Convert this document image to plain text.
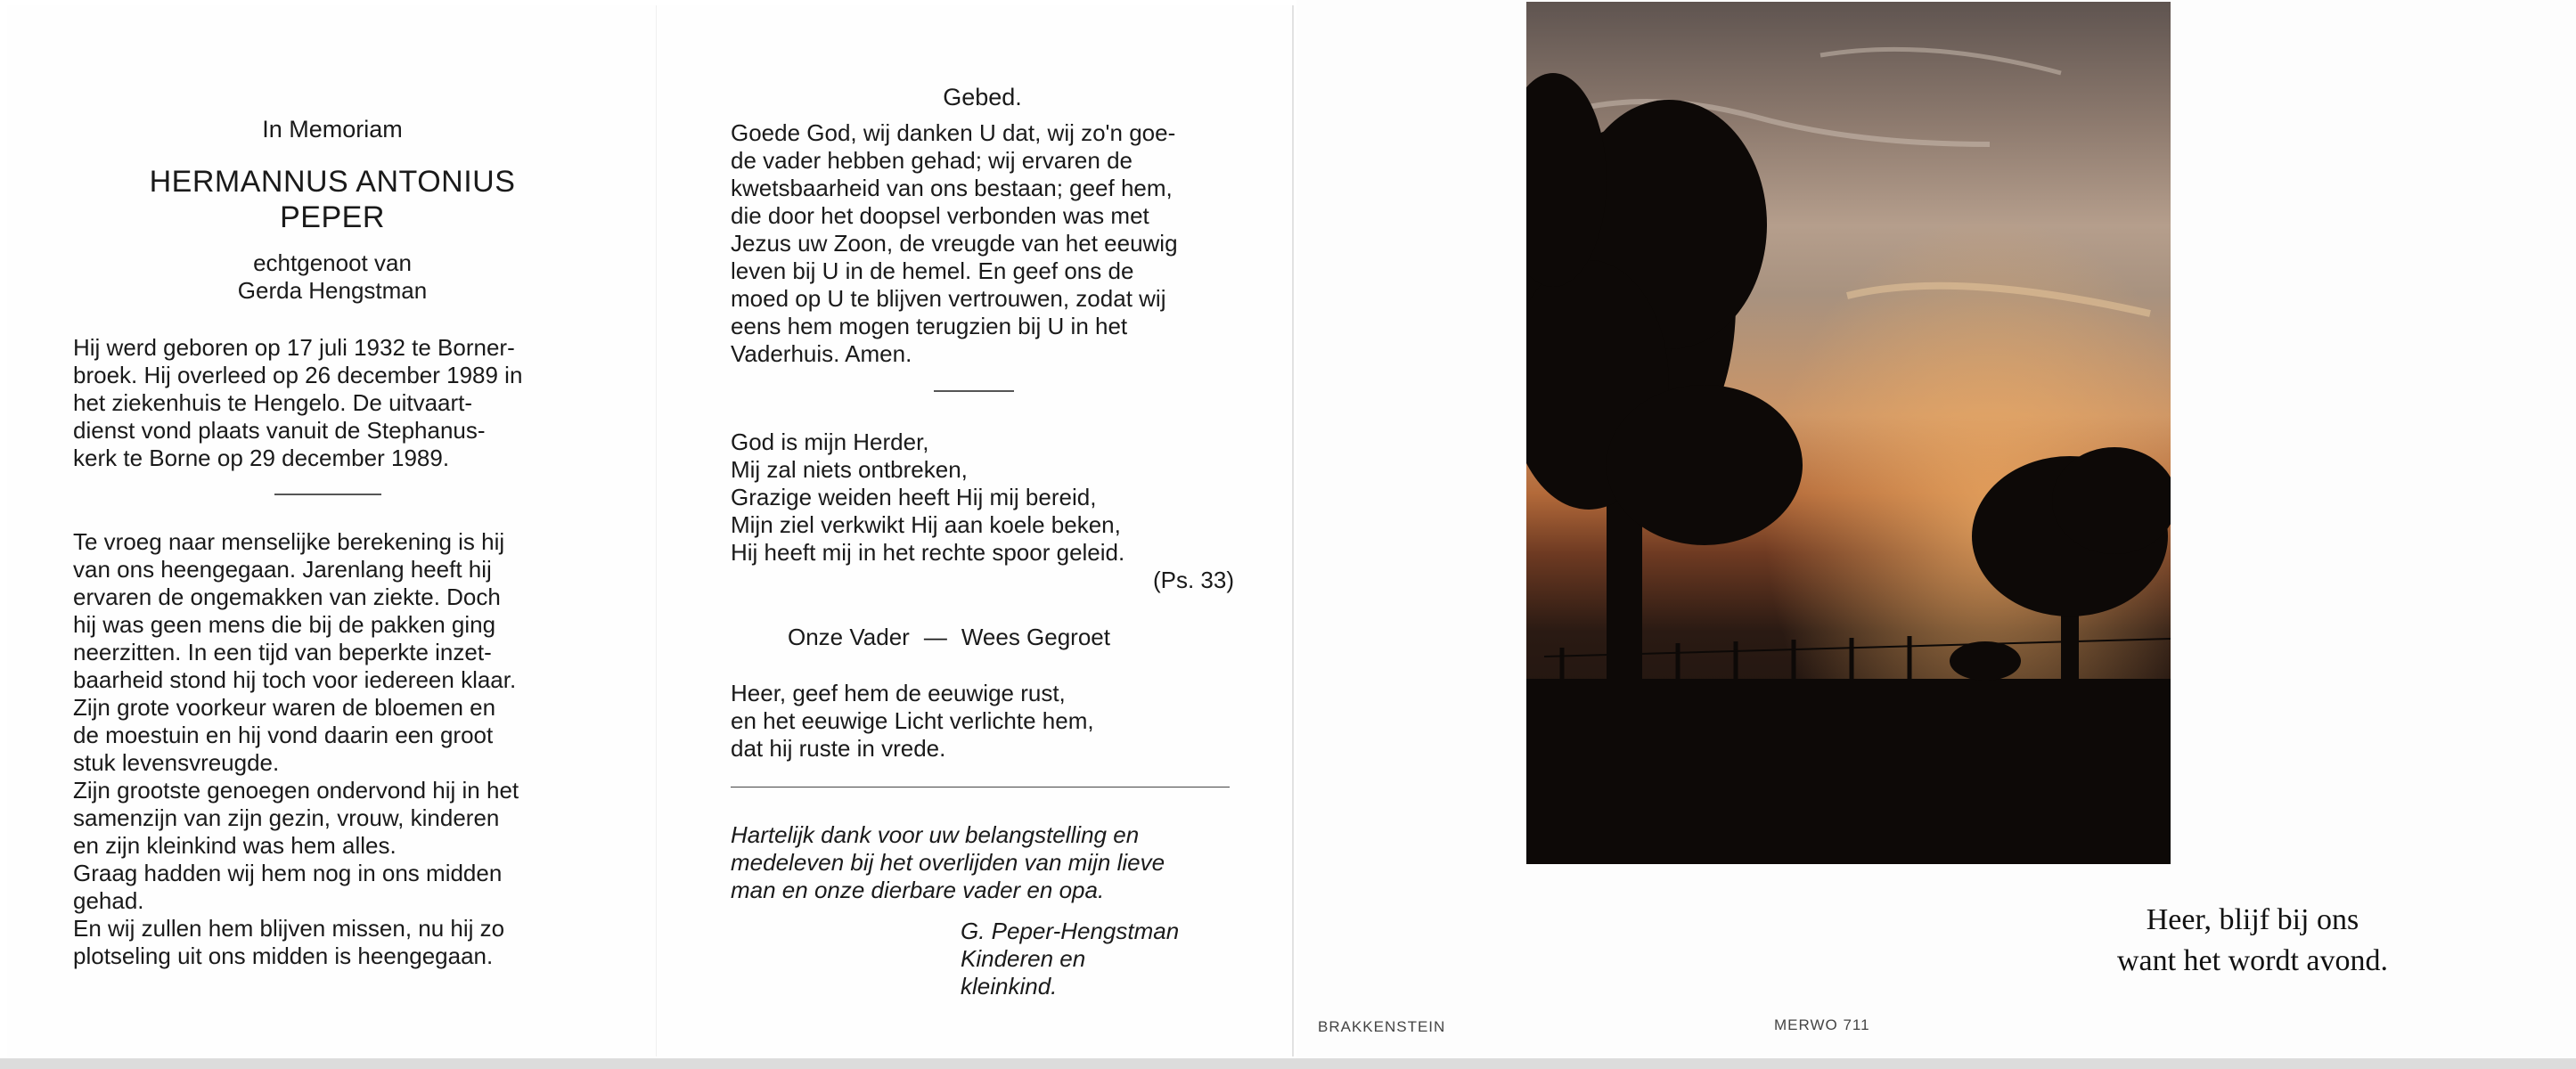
In Memoriam
HERMANNUS ANTONIUS
PEPER
echtgenoot van
Gerda Hengstman
Hij werd geboren op 17 juli 1932 te Borner-
broek. Hij overleed op 26 december 1989 in
het ziekenhuis te Hengelo. De uitvaart-
dienst vond plaats vanuit de Stephanus-
kerk te Borne op 29 december 1989.
Te vroeg naar menselijke berekening is hij
van ons heengegaan. Jarenlang heeft hij
ervaren de ongemakken van ziekte. Doch
hij was geen mens die bij de pakken ging
neerzitten. In een tijd van beperkte inzet-
baarheid stond hij toch voor iedereen klaar.
Zijn grote voorkeur waren de bloemen en
de moestuin en hij vond daarin een groot
stuk levensvreugde.
Zijn grootste genoegen ondervond hij in het
samenzijn van zijn gezin, vrouw, kinderen
en zijn kleinkind was hem alles.
Graag hadden wij hem nog in ons midden
gehad.
En wij zullen hem blijven missen, nu hij zo
plotseling uit ons midden is heengegaan.
Gebed.
Goede God, wij danken U dat, wij zo'n goe-
de vader hebben gehad; wij ervaren de
kwetsbaarheid van ons bestaan; geef hem,
die door het doopsel verbonden was met
Jezus uw Zoon, de vreugde van het eeuwig
leven bij U in de hemel. En geef ons de
moed op U te blijven vertrouwen, zodat wij
eens hem mogen terugzien bij U in het
Vaderhuis. Amen.
God is mijn Herder,
Mij zal niets ontbreken,
Grazige weiden heeft Hij mij bereid,
Mijn ziel verkwikt Hij aan koele beken,
Hij heeft mij in het rechte spoor geleid.
(Ps. 33)
Onze Vader — Wees Gegroet
Heer, geef hem de eeuwige rust,
en het eeuwige Licht verlichte hem,
dat hij ruste in vrede.
Hartelijk dank voor uw belangstelling en
medeleven bij het overlijden van mijn lieve
man en onze dierbare vader en opa.
G. Peper-Hengstman
Kinderen en
kleinkind.
Heer, blijf bij ons
want het wordt avond.
BRAKKENSTEIN	MERWO 711
